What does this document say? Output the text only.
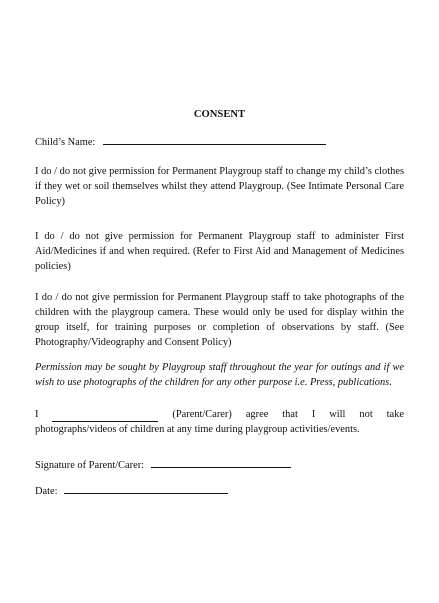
CONSENT
Child’s Name:

I do / do not give permission for Permanent Playgroup staff to change my child’s clothes if they wet or soil themselves whilst they attend Playgroup. (See Intimate Personal Care Policy)

I do / do not give permission for Permanent Playgroup staff to administer First Aid/Medicines if and when required. (Refer to First Aid and Management of Medicines policies)

I do / do not give permission for Permanent Playgroup staff to take photographs of the children with the playgroup camera. These would only be used for display within the group itself, for training purposes or completion of observations by staff. (See Photography/Videography and Consent Policy)

Permission may be sought by Playgroup staff throughout the year for outings and if we wish to use photographs of the children for any other purpose i.e. Press, publications.

I	(Parent/Carer) agree that I will not take
photographs/videos of children at any time during playgroup activities/events.
Signature of Parent/Carer:
Date:
